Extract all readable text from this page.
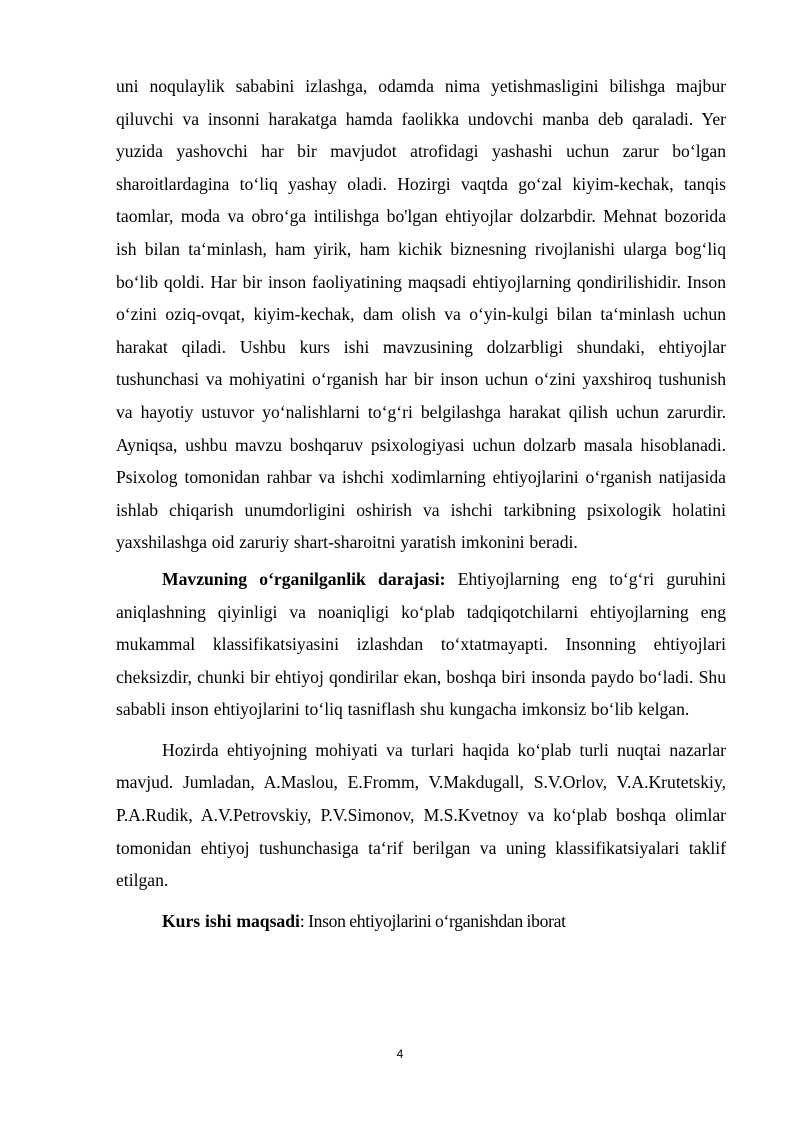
uni noqulaylik sababini izlashga, odamda nima yetishmasligini bilishga majbur qiluvchi va insonni harakatga hamda faolikka undovchi manba deb qaraladi. Yer yuzida yashovchi har bir mavjudot atrofidagi yashashi uchun zarur bo‘lgan sharoitlardagina to‘liq yashay oladi. Hozirgi vaqtda go‘zal kiyim-kechak, tanqis taomlar, moda va obro‘ga intilishga bo'lgan ehtiyojlar dolzarbdir. Mehnat bozorida ish bilan ta‘minlash, ham yirik, ham kichik biznesning rivojlanishi ularga bog‘liq bo‘lib qoldi. Har bir inson faoliyatining maqsadi ehtiyojlarning qondirilishidir. Inson o‘zini oziq-ovqat, kiyim-kechak, dam olish va o‘yin-kulgi bilan ta‘minlash uchun harakat qiladi. Ushbu kurs ishi mavzusining dolzarbligi shundaki, ehtiyojlar tushunchasi va mohiyatini o‘rganish har bir inson uchun o‘zini yaxshiroq tushunish va hayotiy ustuvor yo‘nalishlarni to‘g‘ri belgilashga harakat qilish uchun zarurdir. Ayniqsa, ushbu mavzu boshqaruv psixologiyasi uchun dolzarb masala hisoblanadi. Psixolog tomonidan rahbar va ishchi xodimlarning ehtiyojlarini o‘rganish natijasida ishlab chiqarish unumdorligini oshirish va ishchi tarkibning psixologik holatini yaxshilashga oid zaruriy shart-sharoitni yaratish imkonini beradi.

Mavzuning o‘rganilganlik darajasi: Ehtiyojlarning eng to‘g‘ri guruhini aniqlashning qiyinligi va noaniqligi ko‘plab tadqiqotchilarni ehtiyojlarning eng mukammal klassifikatsiyasini izlashdan to‘xtatmayapti. Insonning ehtiyojlari cheksizdir, chunki bir ehtiyoj qondirilar ekan, boshqa biri insonda paydo bo‘ladi. Shu sababli inson ehtiyojlarini to‘liq tasniflash shu kungacha imkonsiz bo‘lib kelgan.

Hozirda ehtiyojning mohiyati va turlari haqida ko‘plab turli nuqtai nazarlar mavjud. Jumladan, A.Maslou, E.Fromm, V.Makdugall, S.V.Orlov, V.A.Krutetskiy, P.A.Rudik, A.V.Petrovskiy, P.V.Simonov, M.S.Kvetnoy va ko‘plab boshqa olimlar tomonidan ehtiyoj tushunchasiga ta‘rif berilgan va uning klassifikatsiyalari taklif etilgan.

Kurs ishi maqsadi: Inson ehtiyojlarini o‘rganishdan iborat

4
